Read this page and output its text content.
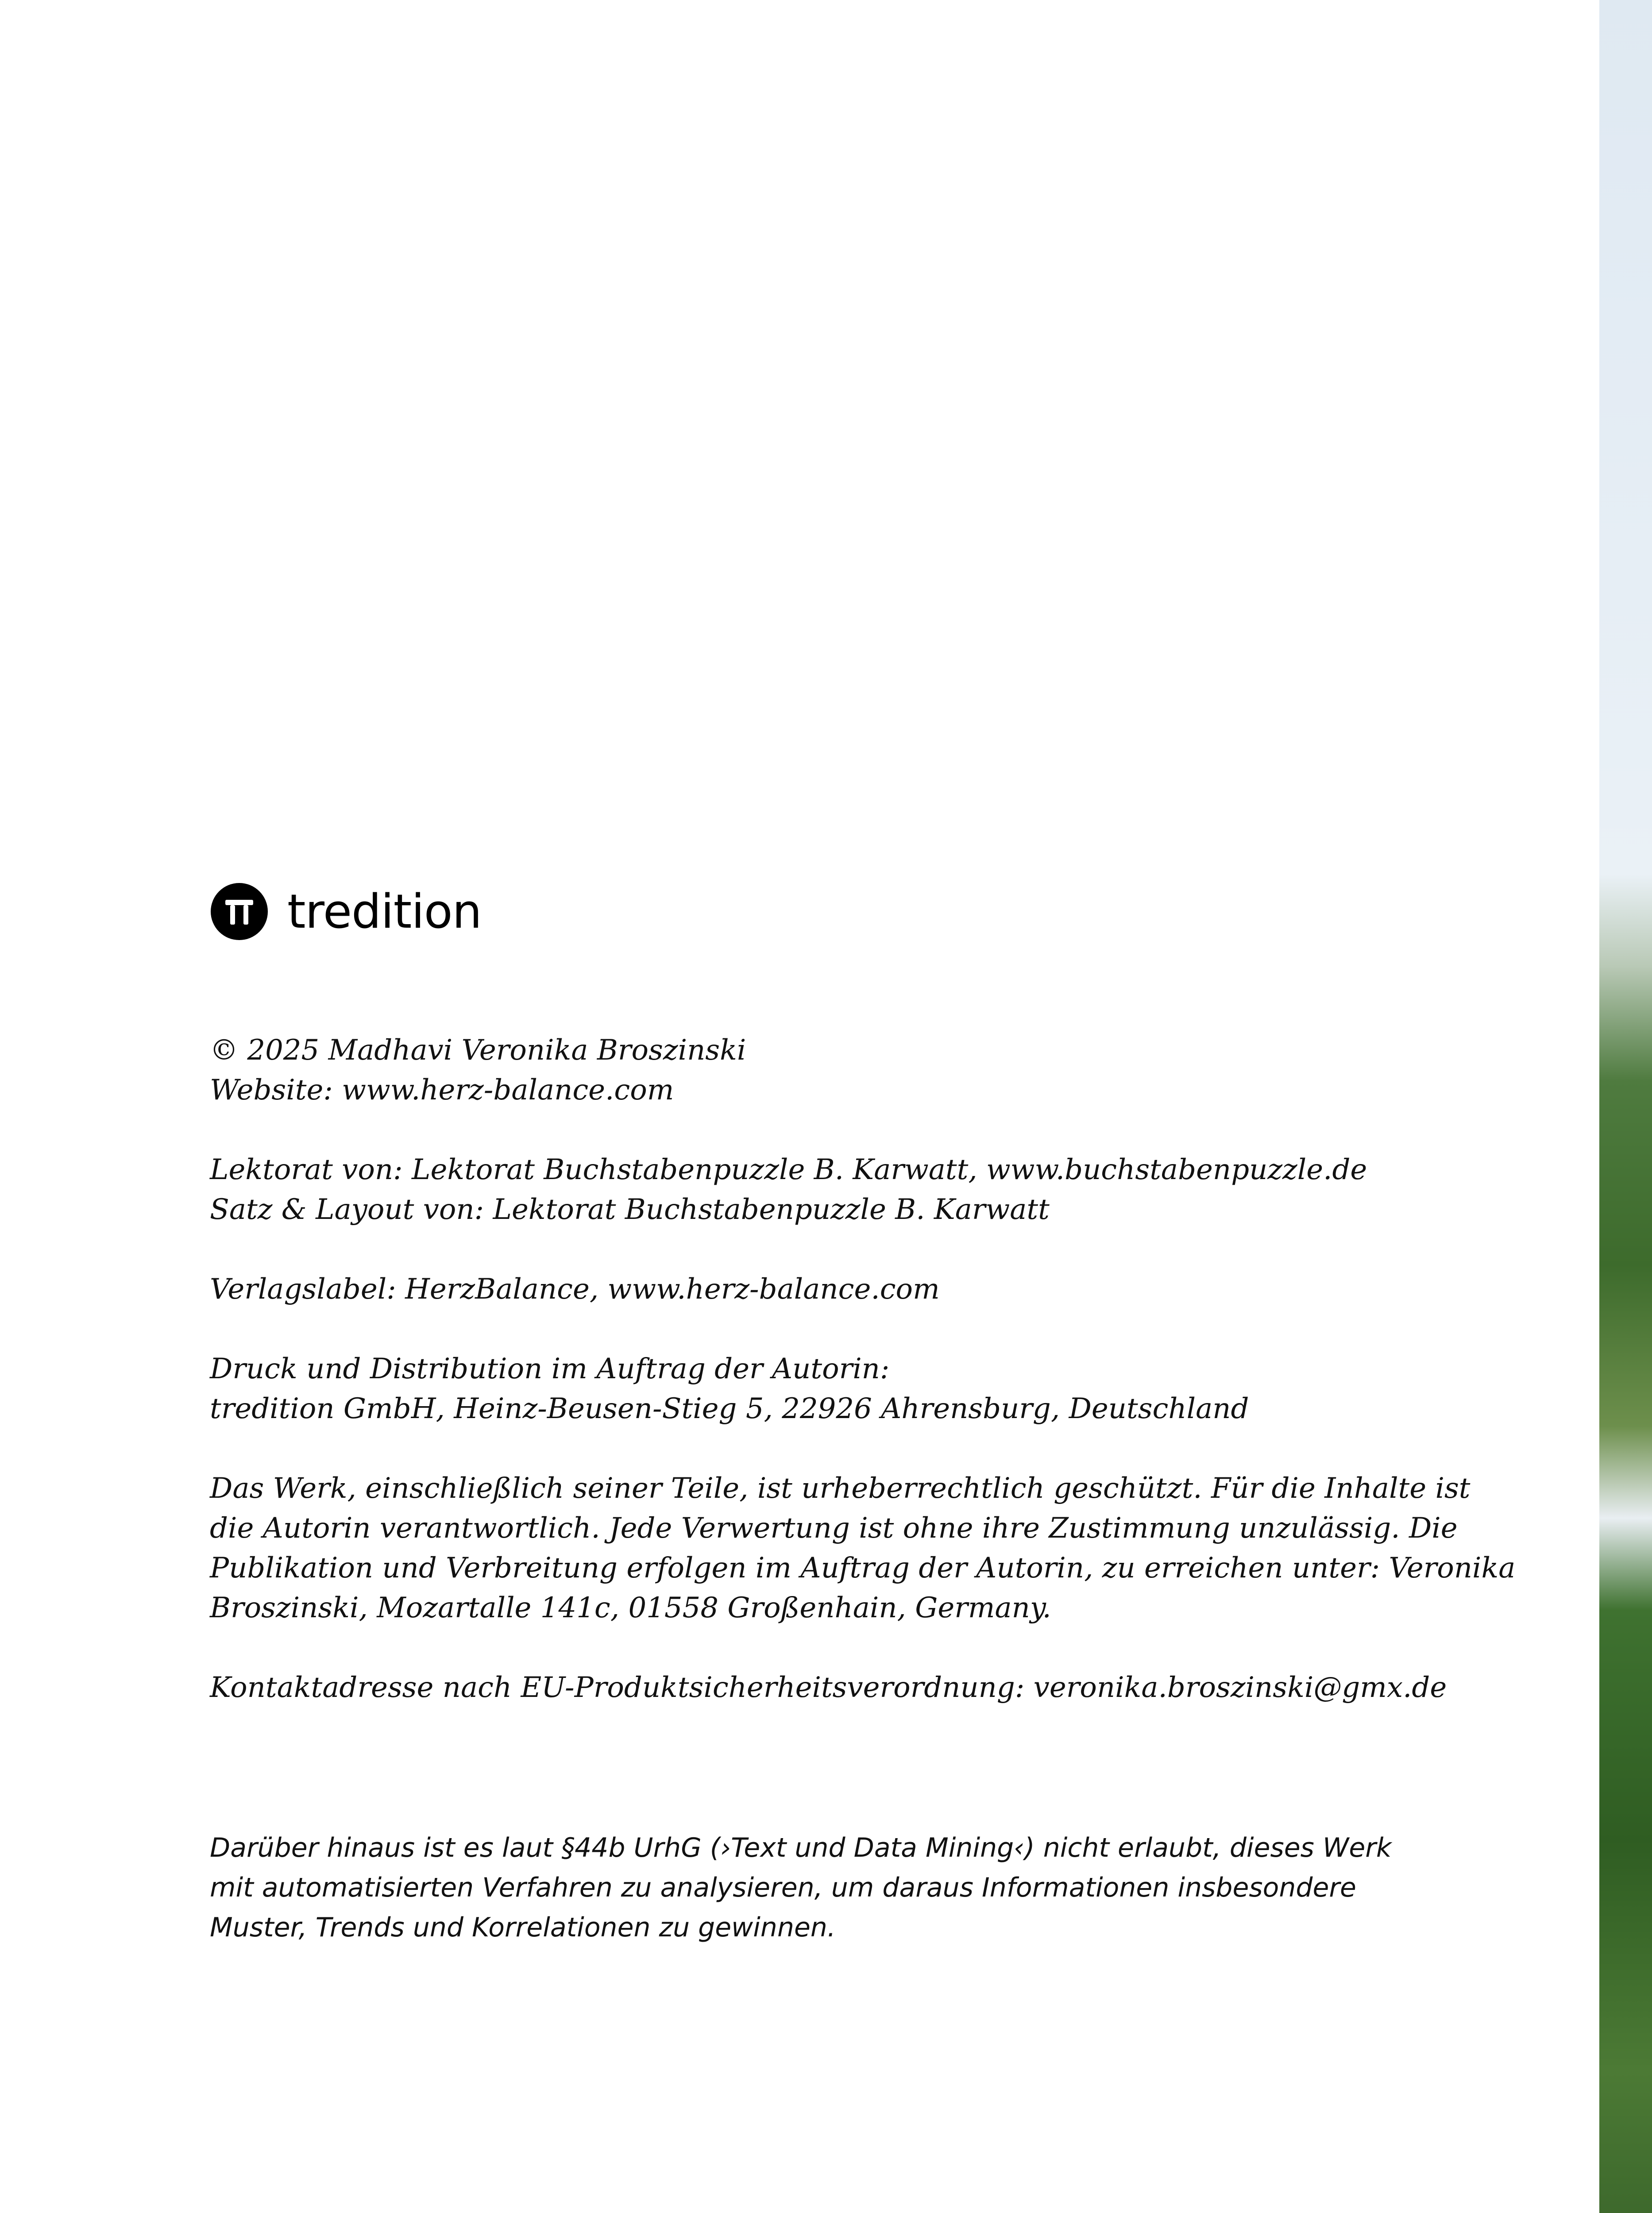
tredition

© 2025 Madhavi Veronika Broszinski
Website: www.herz-balance.com

Lektorat von: Lektorat Buchstabenpuzzle B. Karwatt, www.buchstabenpuzzle.de
Satz & Layout von: Lektorat Buchstabenpuzzle B. Karwatt

Verlagslabel: HerzBalance, www.herz-balance.com

Druck und Distribution im Auftrag der Autorin:
tredition GmbH, Heinz-Beusen-Stieg 5, 22926 Ahrensburg, Deutschland

Das Werk, einschließlich seiner Teile, ist urheberrechtlich geschützt. Für die Inhalte ist
die Autorin verantwortlich. Jede Verwertung ist ohne ihre Zustimmung unzulässig. Die
Publikation und Verbreitung erfolgen im Auftrag der Autorin, zu erreichen unter: Veronika
Broszinski, Mozartalle 141c, 01558 Großenhain, Germany.

Kontaktadresse nach EU-Produktsicherheitsverordnung: veronika.broszinski@gmx.de

Darüber hinaus ist es laut §44b UrhG (›Text und Data Mining‹) nicht erlaubt, dieses Werk
mit automatisierten Verfahren zu analysieren, um daraus Informationen insbesondere
Muster, Trends und Korrelationen zu gewinnen.
